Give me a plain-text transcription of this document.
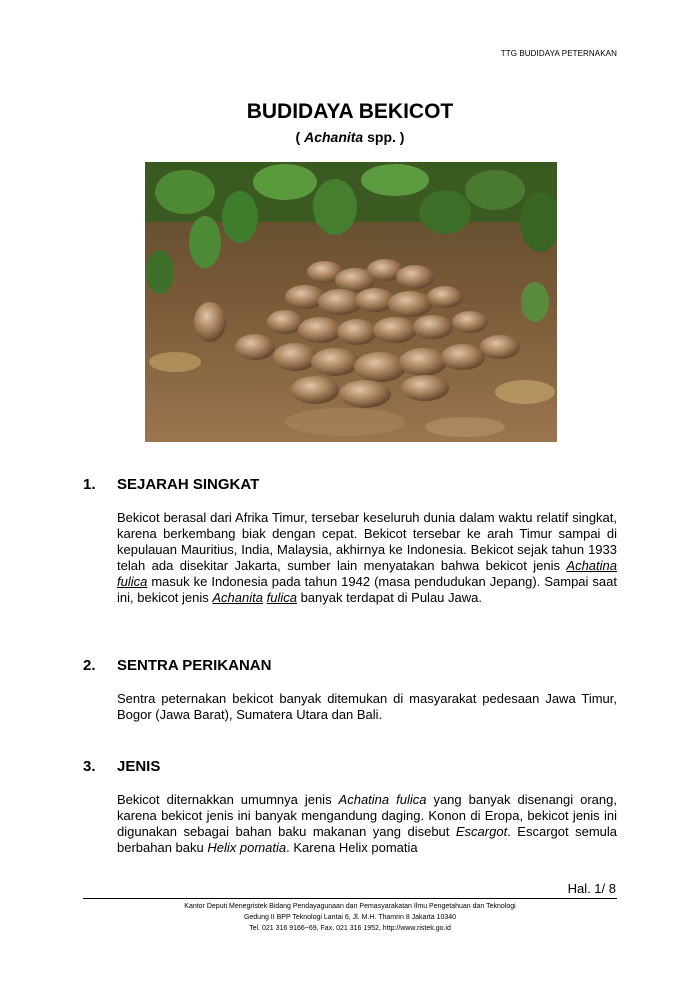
TTG BUDIDAYA PETERNAKAN
BUDIDAYA BEKICOT
( Achanita spp. )
1. SEJARAH SINGKAT
Bekicot berasal dari Afrika Timur, tersebar keseluruh dunia dalam waktu relatif singkat, karena berkembang biak dengan cepat. Bekicot tersebar ke arah Timur sampai di kepulauan Mauritius, India, Malaysia, akhirnya ke Indonesia. Bekicot sejak tahun 1933 telah ada disekitar Jakarta, sumber lain menyatakan bahwa bekicot jenis Achatina fulica masuk ke Indonesia pada tahun 1942 (masa pendudukan Jepang). Sampai saat ini, bekicot jenis Achanita fulica banyak terdapat di Pulau Jawa.
2. SENTRA PERIKANAN
Sentra peternakan bekicot banyak ditemukan di masyarakat pedesaan Jawa Timur, Bogor (Jawa Barat), Sumatera Utara dan Bali.
3. JENIS
Bekicot diternakkan umumnya jenis Achatina fulica yang banyak disenangi orang, karena bekicot jenis ini banyak mengandung daging. Konon di Eropa, bekicot jenis ini digunakan sebagai bahan baku makanan yang disebut Escargot. Escargot semula berbahan baku Helix pomatia. Karena Helix pomatia
Hal. 1/ 8
Kantor Deputi Menegristek Bidang Pendayagunaan dan Pemasyarakatan Ilmu Pengetahuan dan Teknologi
Gedung II BPP Teknologi Lantai 6, Jl. M.H. Thamrin 8 Jakarta 10340
Tel. 021 316 9166~69, Fax. 021 316 1952, http://www.ristek.go.id
